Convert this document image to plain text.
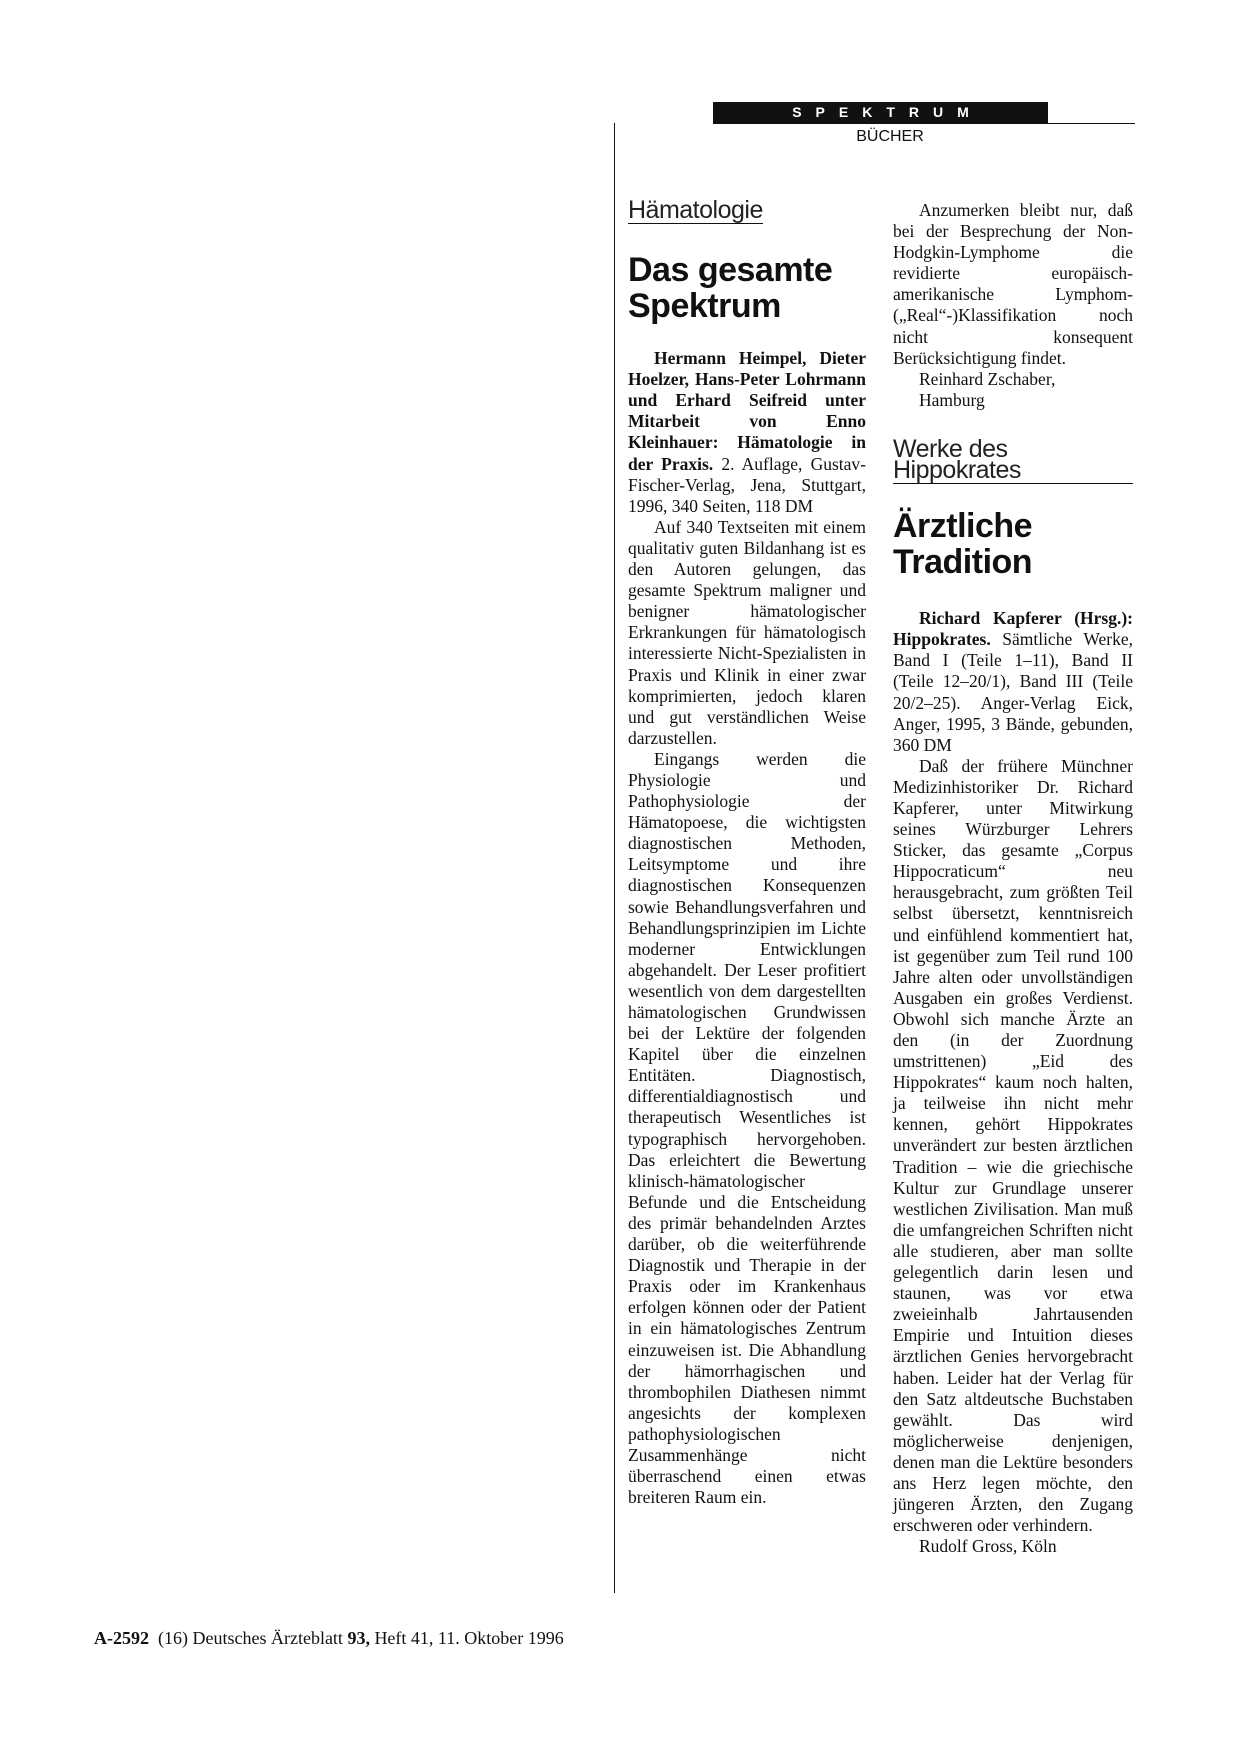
SPEKTRUM
BÜCHER
Hämatologie
Das gesamte
Spektrum

Hermann Heimpel, Dieter Hoelzer, Hans-Peter Lohrmann und Erhard Seifreid unter Mitarbeit von Enno Kleinhauer: Hämatologie in der Praxis. 2. Auflage, Gustav-Fischer-Verlag, Jena, Stuttgart, 1996, 340 Seiten, 118 DM

Auf 340 Textseiten mit einem qualitativ guten Bildanhang ist es den Autoren gelungen, das gesamte Spektrum maligner und benigner hämatologischer Erkrankungen für hämatologisch interessierte Nicht-Spezialisten in Praxis und Klinik in einer zwar komprimierten, jedoch klaren und gut verständlichen Weise darzustellen.

Eingangs werden die Physiologie und Pathophysiologie der Hämatopoese, die wichtigsten diagnostischen Methoden, Leitsymptome und ihre diagnostischen Konsequenzen sowie Behandlungsverfahren und Behandlungsprinzipien im Lichte moderner Entwicklungen abgehandelt. Der Leser profitiert wesentlich von dem dargestellten hämatologischen Grundwissen bei der Lektüre der folgenden Kapitel über die einzelnen Entitäten. Diagnostisch, differentialdiagnostisch und therapeutisch Wesentliches ist typographisch hervorgehoben. Das erleichtert die Bewertung klinisch-hämatologischer Befunde und die Entscheidung des primär behandelnden Arztes darüber, ob die weiterführende Diagnostik und Therapie in der Praxis oder im Krankenhaus erfolgen können oder der Patient in ein hämatologisches Zentrum einzuweisen ist. Die Abhandlung der hämorrhagischen und thrombophilen Diathesen nimmt angesichts der komplexen pathophysiologischen Zusammenhänge nicht überraschend einen etwas breiteren Raum ein.

Anzumerken bleibt nur, daß bei der Besprechung der Non-Hodgkin-Lymphome die revidierte europäisch-amerikanische Lymphom-(„Real“-)Klassifikation noch nicht konsequent Berücksichtigung findet.

Reinhard Zschaber,

Hamburg

Werke des Hippokrates
Ärztliche
Tradition

Richard Kapferer (Hrsg.): Hippokrates. Sämtliche Werke, Band I (Teile 1–11), Band II (Teile 12–20/1), Band III (Teile 20/2–25). Anger-Verlag Eick, Anger, 1995, 3 Bände, gebunden, 360 DM

Daß der frühere Münchner Medizinhistoriker Dr. Richard Kapferer, unter Mitwirkung seines Würzburger Lehrers Sticker, das gesamte „Corpus Hippocraticum“ neu herausgebracht, zum größten Teil selbst übersetzt, kenntnisreich und einfühlend kommentiert hat, ist gegenüber zum Teil rund 100 Jahre alten oder unvollständigen Ausgaben ein großes Verdienst. Obwohl sich manche Ärzte an den (in der Zuordnung umstrittenen) „Eid des Hippokrates“ kaum noch halten, ja teilweise ihn nicht mehr kennen, gehört Hippokrates unverändert zur besten ärztlichen Tradition – wie die griechische Kultur zur Grundlage unserer westlichen Zivilisation. Man muß die umfangreichen Schriften nicht alle studieren, aber man sollte gelegentlich darin lesen und staunen, was vor etwa zweieinhalb Jahrtausenden Empirie und Intuition dieses ärztlichen Genies hervorgebracht haben. Leider hat der Verlag für den Satz altdeutsche Buchstaben gewählt. Das wird möglicherweise denjenigen, denen man die Lektüre besonders ans Herz legen möchte, den jüngeren Ärzten, den Zugang erschweren oder verhindern.

Rudolf Gross, Köln

A-2592  (16) Deutsches Ärzteblatt 93, Heft 41, 11. Oktober 1996
